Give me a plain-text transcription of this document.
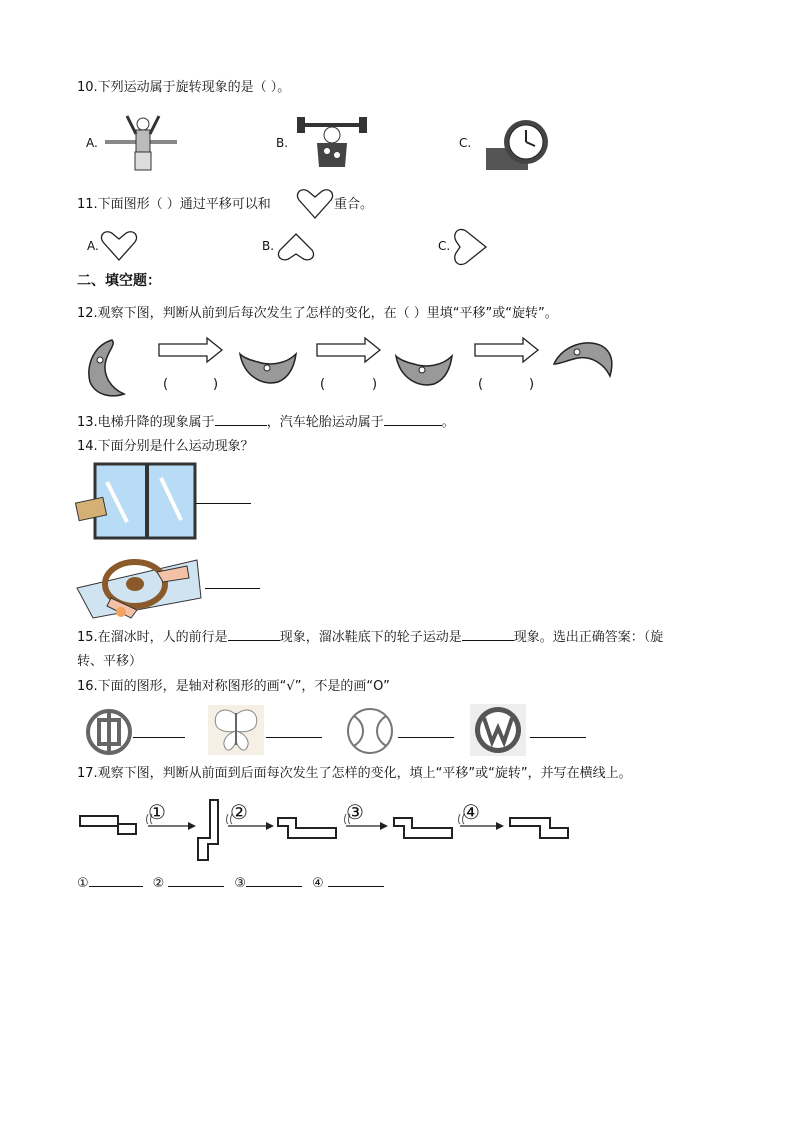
10.下列运动属于旋转现象的是（ ）。
A.	B.	C.
11.下面图形（ ）通过平移可以和	重合。
A.	B.	C.
二、填空题：
12.观察下图，判断从前到后每次发生了怎样的变化，在（ ）里填“平移”或“旋转”。
(	)	(	)	(	)
13.电梯升降的现象属于	，汽车轮胎运动属于	。
14.下面分别是什么运动现象？
15.在溜冰时，人的前行是	现象，溜冰鞋底下的轮子运动是	现象。选出正确答案：（旋
转、平移）
16.下面的图形，是轴对称图形的画“√”，不是的画“O”
17.观察下图，判断从前面到后面每次发生了怎样的变化，填上“平移”或“旋转”，并写在横线上。
①	②	③	④
①	②	③	④
